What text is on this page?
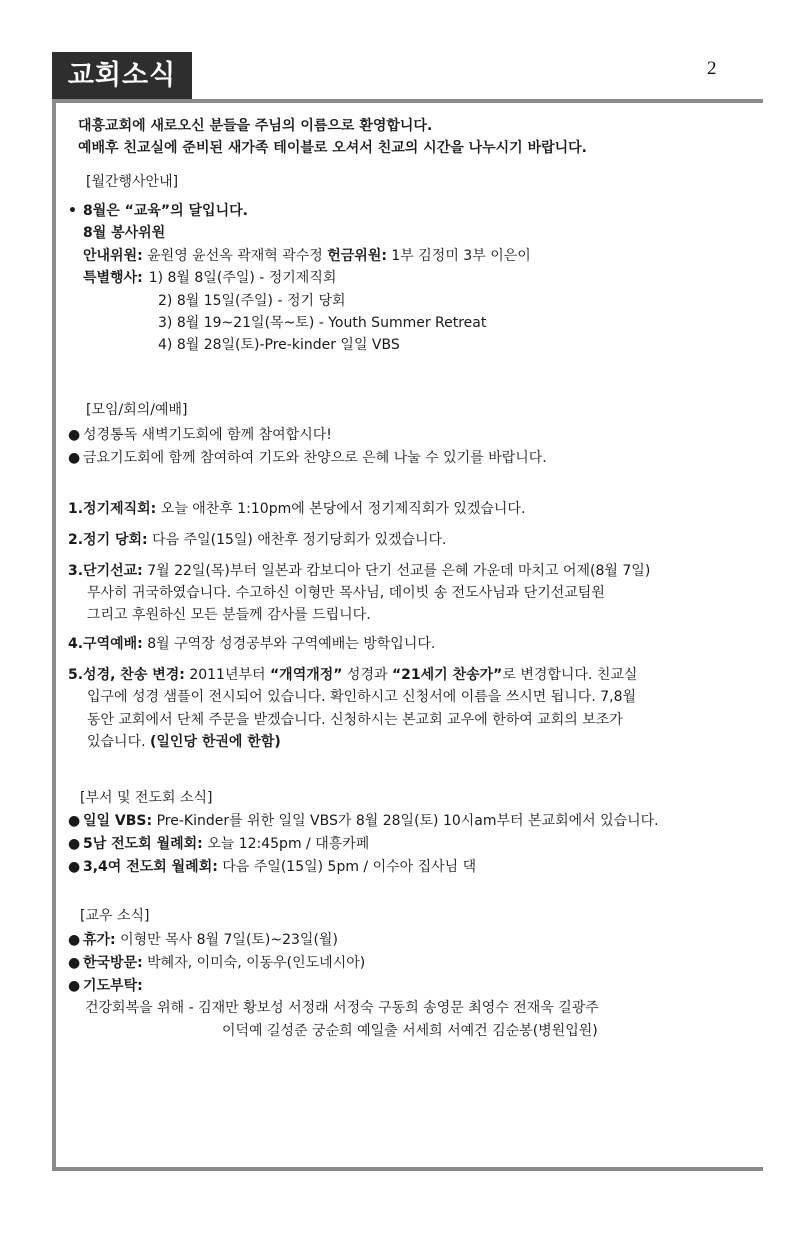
교회소식	2
대흥교회에 새로오신 분들을 주님의 이름으로 환영합니다.
예배후 친교실에 준비된 새가족 테이블로 오셔서 친교의 시간을 나누시기 바랍니다.
[월간행사안내]
• 8월은 “교육”의 달입니다.
8월 봉사위원
안내위원: 윤원영 윤선옥 곽재혁 곽수정 헌금위원: 1부 김정미 3부 이은이
특별행사: 1) 8월 8일(주일) - 정기제직회
2) 8월 15일(주일) - 정기 당회
3) 8월 19~21일(목~토) - Youth Summer Retreat
4) 8월 28일(토)-Pre-kinder 일일 VBS
[모임/회의/예배]
● 성경통독 새벽기도회에 함께 참여합시다!
● 금요기도회에 함께 참여하여 기도와 찬양으로 은혜 나눌 수 있기를 바랍니다.
1.정기제직회: 오늘 애찬후 1:10pm에 본당에서 정기제직회가 있겠습니다.
2.정기 당회: 다음 주일(15일) 애찬후 정기당회가 있겠습니다.
3.단기선교: 7월 22일(목)부터 일본과 캄보디아 단기 선교를 은혜 가운데 마치고 어제(8월 7일)
무사히 귀국하였습니다. 수고하신 이형만 목사님, 데이빗 송 전도사님과 단기선교팀원
그리고 후원하신 모든 분들께 감사를 드립니다.
4.구역예배: 8월 구역장 성경공부와 구역예배는 방학입니다.
5.성경, 찬송 변경: 2011년부터 “개역개정” 성경과 “21세기 찬송가”로 변경합니다. 친교실
입구에 성경 샘플이 전시되어 있습니다. 확인하시고 신청서에 이름을 쓰시면 됩니다. 7,8월
동안 교회에서 단체 주문을 받겠습니다. 신청하시는 본교회 교우에 한하여 교회의 보조가
있습니다. (일인당 한권에 한함)
[부서 및 전도회 소식]
● 일일 VBS: Pre-Kinder를 위한 일일 VBS가 8월 28일(토) 10시am부터 본교회에서 있습니다.
● 5남 전도회 월례회: 오늘 12:45pm / 대흥카페
● 3,4여 전도회 월례회: 다음 주일(15일) 5pm / 이수아 집사님 댁
[교우 소식]
● 휴가: 이형만 목사 8월 7일(토)~23일(월)
● 한국방문: 박혜자, 이미숙, 이동우(인도네시아)
● 기도부탁:
건강회복을 위해 - 김재만 황보성 서정래 서정숙 구동희 송영문 최영수 전재욱 길광주
이덕예 길성준 궁순희 예일출 서세희 서예건 김순봉(병원입원)
